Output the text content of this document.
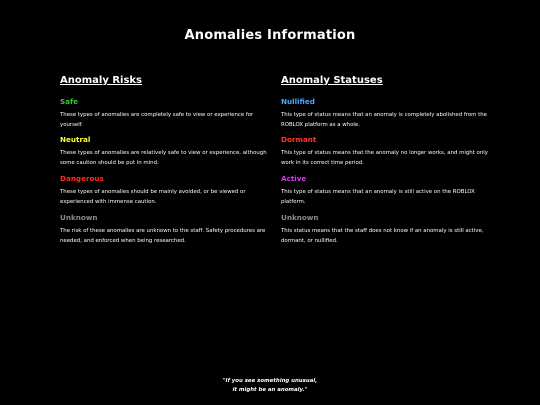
Anomalies Information
Anomaly Risks
Safe
These types of anomalies are completely safe to view or experience for yourself.
Neutral
These types of anomalies are relatively safe to view or experience, although some caution should be put in mind.
Dangerous
These types of anomalies should be mainly avoided, or be viewed or experienced with immense caution.
Unknown
The risk of these anomalies are unknown to the staff. Safety procedures are needed, and enforced when being researched.
Anomaly Statuses
Nullified
This type of status means that an anomaly is completely abolished from the ROBLOX platform as a whole.
Dormant
This type of status means that the anomaly no longer works, and might only work in its correct time period.
Active
This type of status means that an anomaly is still active on the ROBLOX platform.
Unknown
This status means that the staff does not know if an anomaly is still active, dormant, or nullified.
"If you see something unusual,
it might be an anomaly."
